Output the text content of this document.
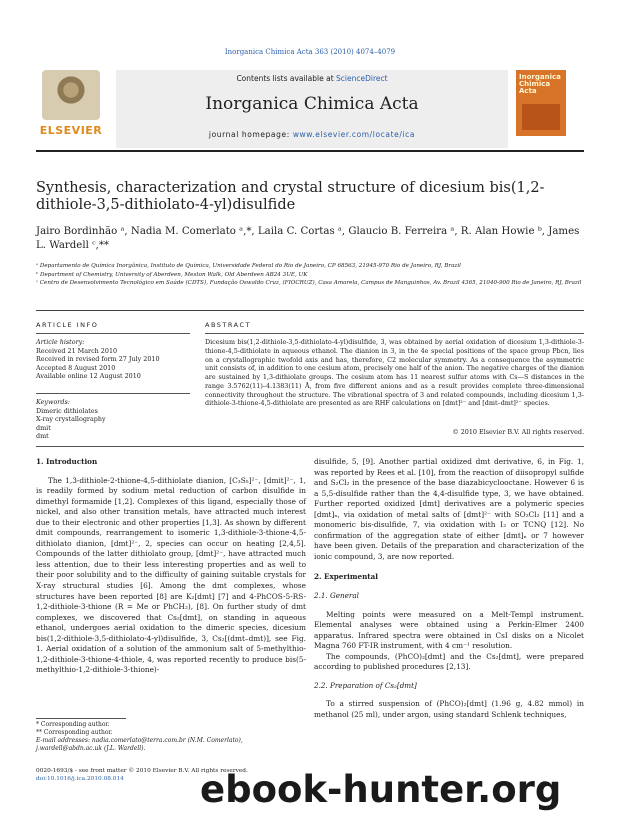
Inorganica Chimica Acta 363 (2010) 4074–4079
ELSEVIER
Contents lists available at ScienceDirect
Inorganica Chimica Acta
journal homepage: www.elsevier.com/locate/ica
Inorganica Chimica Acta
Synthesis, characterization and crystal structure of dicesium bis(1,2-dithiole-3,5-dithiolato-4-yl)disulfide
Jairo Bordinhão ᵃ, Nadia M. Comerlato ᵃ,*, Laila C. Cortas ᵃ, Glaucio B. Ferreira ᵃ, R. Alan Howie ᵇ, James L. Wardell ᶜ,**
ᵃ Departamento de Química Inorgânica, Instituto de Química, Universidade Federal do Rio de Janeiro, CP 68563, 21945-970 Rio de Janeiro, RJ, Brazil
ᵇ Department of Chemistry, University of Aberdeen, Meston Walk, Old Aberdeen AB24 3UE, UK
ᶜ Centro de Desenvolvimento Tecnológico em Saúde (CDTS), Fundação Oswaldo Cruz, (FIOCRUZ), Casa Amarela, Campus de Manguinhos, Av. Brazil 4365, 21040-900 Rio de Janeiro, RJ, Brazil
ARTICLE INFO
Article history:
Received 21 March 2010
Received in revised form 27 July 2010
Accepted 8 August 2010
Available online 12 August 2010
Keywords:
Dimeric dithiolates
X-ray crystallography
dmit
dmt
ABSTRACT
Dicesium bis(1,2-dithiole-3,5-dithiolato-4-yl)disulfide, 3, was obtained by aerial oxidation of dicesium 1,3-dithiole-3-thione-4,5-dithiolate in aqueous ethanol. The dianion in 3, in the 4e special positions of the space group Pbcn, lies on a crystallographic twofold axis and has, therefore, C2 molecular symmetry. As a consequence the asymmetric unit consists of, in addition to one cesium atom, precisely one half of the anion. The negative charges of the dianion are sustained by 1,3-dithiolate groups. The cesium atom has 11 nearest sulfur atoms with Cs—S distances in the range 3.5762(11)–4.1383(11) Å, from five different anions and as a result provides complete three-dimensional connectivity throughout the structure. The vibrational spectra of 3 and related compounds, including dicesium 1,3-dithiole-3-thione-4,5-dithiolate are presented as are RHF calculations on [dmt]²⁻ and [dmt–dmt]²⁻ species.
© 2010 Elsevier B.V. All rights reserved.

1. Introduction

The 1,3-dithiole-2-thione-4,5-dithiolate dianion, [C₃S₅]²⁻, [dmit]²⁻, 1, is readily formed by sodium metal reduction of carbon disulfide in dimethyl formamide [1,2]. Complexes of this ligand, especially those of nickel, and also other transition metals, have attracted much interest due to their electronic and other properties [1,3]. As shown by different dmit compounds, rearrangement to isomeric 1,3-dithiole-3-thione-4,5-dithiolato dianion, [dmt]²⁻, 2, species can occur on heating [2,4,5]. Compounds of the latter dithiolato group, [dmt]²⁻, have attracted much less attention, due to their less interesting properties and as well to their poor solubility and to the difficulty of gaining suitable crystals for X-ray structural studies [6]. Among the dmt complexes, whose structures have been reported [8] are K₂[dmt] [7] and 4-PhCOS-5-RS-1,2-dithiole-3-thione (R = Me or PhCH₂), [8]. On further study of dmt complexes, we discovered that Cs₂[dmt], on standing in aqueous ethanol, undergoes aerial oxidation to the dimeric species, dicesium bis(1,2-dithiole-3,5-dithiolato-4-yl)disulfide, 3, Cs₂[(dmt–dmt)], see Fig. 1. Aerial oxidation of a solution of the ammonium salt of 5-methylthio-1,2-dithiole-3-thione-4-thiole, 4, was reported recently to produce bis(5-methylthio-1,2-dithiole-3-thione)-

disulfide, 5, [9]. Another partial oxidized dmt derivative, 6, in Fig. 1, was reported by Rees et al. [10], from the reaction of diisopropyl sulfide and S₂Cl₂ in the presence of the base diazabicyclooctane. However 6 is a 5,5-disulfide rather than the 4,4-disulfide type, 3, we have obtained. Further reported oxidized [dmt] derivatives are a polymeric species [dmt]ₙ, via oxidation of metal salts of [dmt]²⁻ with SO₂Cl₂ [11] and a monomeric bis-disulfide, 7, via oxidation with I₂ or TCNQ [12]. No confirmation of the aggregation state of either [dmt]ₙ or 7 however have been given. Details of the preparation and characterization of the ionic compound, 3, are now reported.

2. Experimental

2.1. General

Melting points were measured on a Melt-Templ instrument. Elemental analyses were obtained using a Perkin-Elmer 2400 apparatus. Infrared spectra were obtained in CsI disks on a Nicolet Magna 760 FT-IR instrument, with 4 cm⁻¹ resolution.

The compounds, (PhCO)₂[dmt] and the Cs₂[dmt], were prepared according to published procedures [2,13].

2.2. Preparation of Cs₂[dmt]

To a stirred suspension of (PhCO)₂[dmt] (1.96 g, 4.82 mmol) in methanol (25 ml), under argon, using standard Schlenk techniques,

* Corresponding author.
** Corresponding author.
E-mail addresses: nadia.comerlato@terra.com.br (N.M. Comerlato), j.wardell@abdn.ac.uk (J.L. Wardell).
0020-1693/$ - see front matter © 2010 Elsevier B.V. All rights reserved.
doi:10.1016/j.ica.2010.08.014	ebook-hunter.org
